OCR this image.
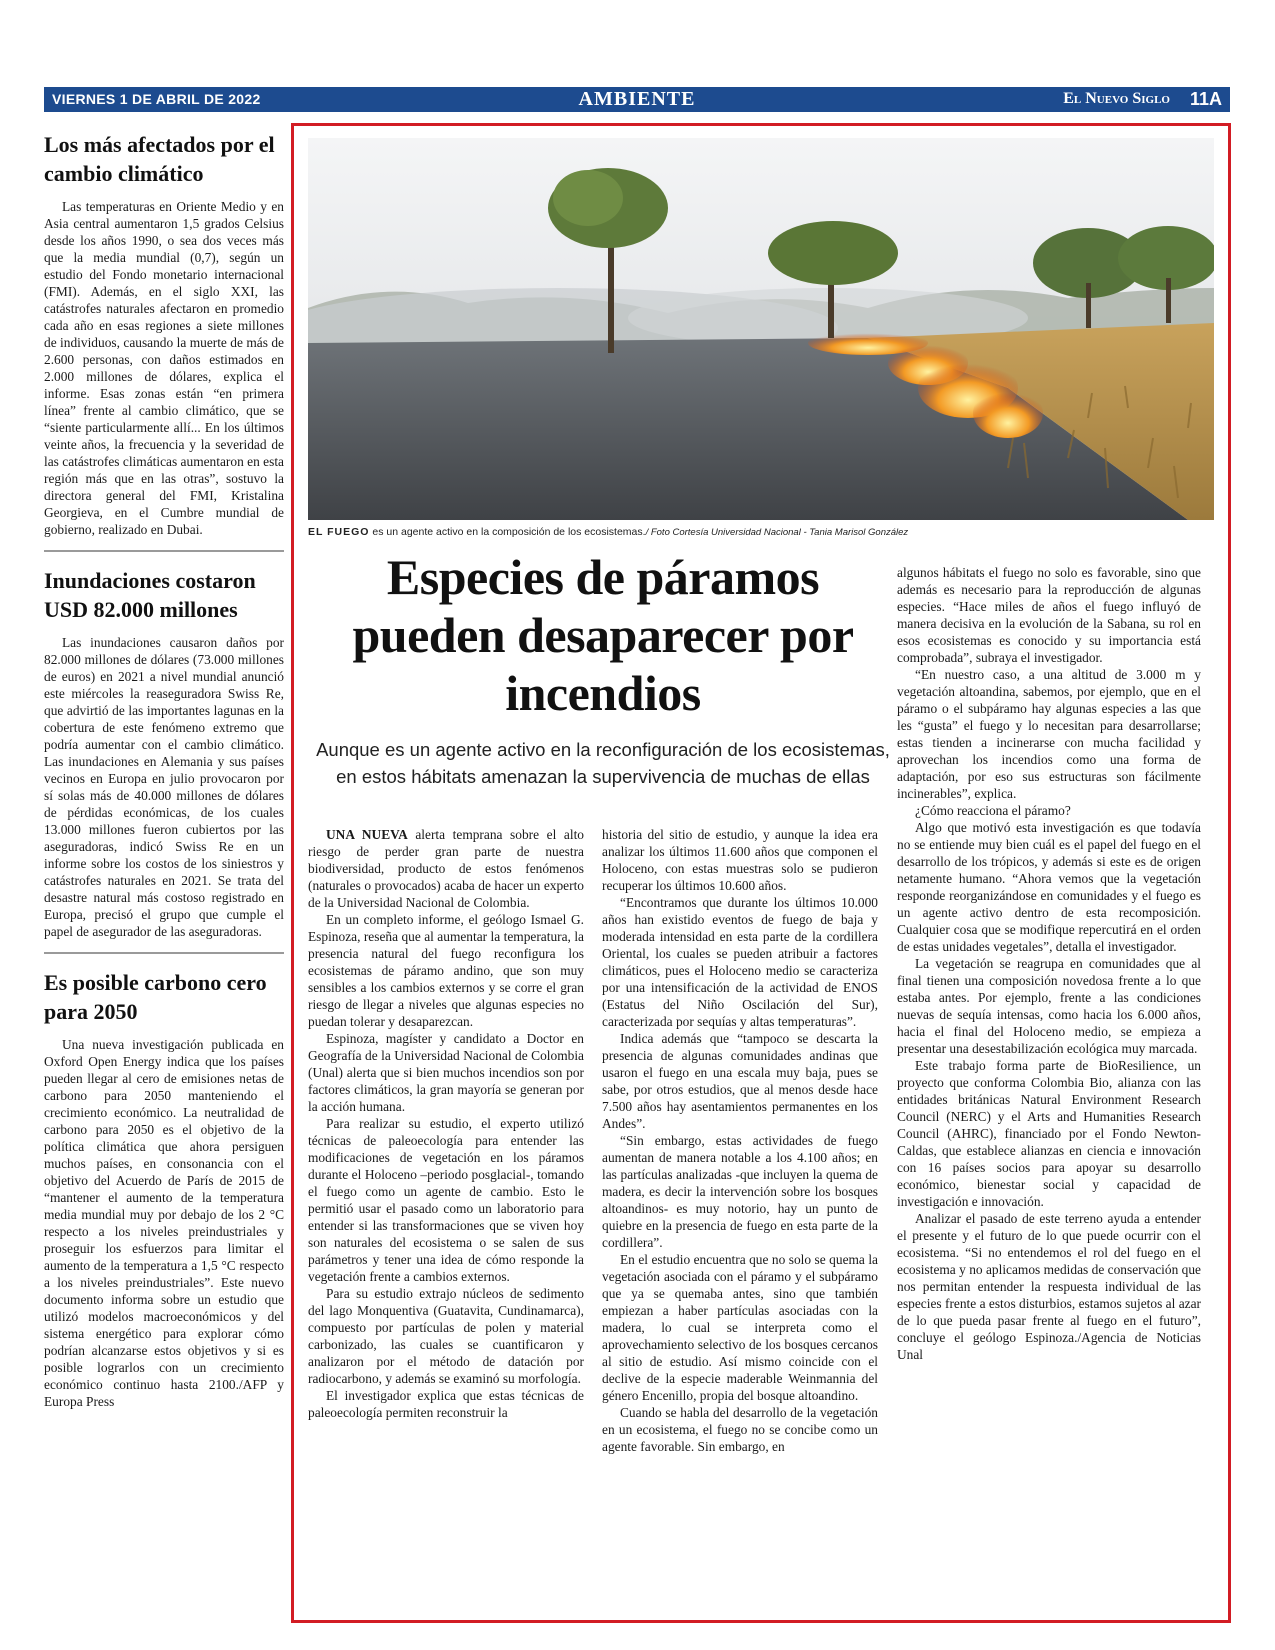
VIERNES 1 DE ABRIL DE 2022	AMBIENTE	El Nuevo Siglo 11A
Los más afectados por el cambio climático

Las temperaturas en Oriente Medio y en Asia central aumentaron 1,5 grados Celsius desde los años 1990, o sea dos veces más que la media mundial (0,7), según un estudio del Fondo monetario internacional (FMI). Además, en el siglo XXI, las catástrofes naturales afectaron en promedio cada año en esas regiones a siete millones de individuos, causando la muerte de más de 2.600 personas, con daños estimados en 2.000 millones de dólares, explica el informe. Esas zonas están “en primera línea” frente al cambio climático, que se “siente particularmente allí... En los últimos veinte años, la frecuencia y la severidad de las catástrofes climáticas aumentaron en esta región más que en las otras”, sostuvo la directora general del FMI, Kristalina Georgieva, en el Cumbre mundial de gobierno, realizado en Dubai.

Inundaciones costaron USD 82.000 millones

Las inundaciones causaron daños por 82.000 millones de dólares (73.000 millones de euros) en 2021 a nivel mundial anunció este miércoles la reaseguradora Swiss Re, que advirtió de las importantes lagunas en la cobertura de este fenómeno extremo que podría aumentar con el cambio climático. Las inundaciones en Alemania y sus países vecinos en Europa en julio provocaron por sí solas más de 40.000 millones de dólares de pérdidas económicas, de los cuales 13.000 millones fueron cubiertos por las aseguradoras, indicó Swiss Re en un informe sobre los costos de los siniestros y catástrofes naturales en 2021. Se trata del desastre natural más costoso registrado en Europa, precisó el grupo que cumple el papel de asegurador de las aseguradoras.

Es posible carbono cero para 2050

Una nueva investigación publicada en Oxford Open Energy indica que los países pueden llegar al cero de emisiones netas de carbono para 2050 manteniendo el crecimiento económico. La neutralidad de carbono para 2050 es el objetivo de la política climática que ahora persiguen muchos países, en consonancia con el objetivo del Acuerdo de París de 2015 de “mantener el aumento de la temperatura media mundial muy por debajo de los 2 °C respecto a los niveles preindustriales y proseguir los esfuerzos para limitar el aumento de la temperatura a 1,5 °C respecto a los niveles preindustriales”. Este nuevo documento informa sobre un estudio que utilizó modelos macroeconómicos y del sistema energético para explorar cómo podrían alcanzarse estos objetivos y si es posible lograrlos con un crecimiento económico continuo hasta 2100./AFP y Europa Press

EL FUEGO es un agente activo en la composición de los ecosistemas./ Foto Cortesía Universidad Nacional - Tania Marisol González
Especies de páramos pueden desaparecer por incendios

Aunque es un agente activo en la reconfiguración de los ecosistemas, en estos hábitats amenazan la supervivencia de muchas de ellas

UNA NUEVA alerta temprana sobre el alto riesgo de perder gran parte de nuestra biodiversidad, producto de estos fenómenos (naturales o provocados) acaba de hacer un experto de la Universidad Nacional de Colombia.

En un completo informe, el geólogo Ismael G. Espinoza, reseña que al aumentar la temperatura, la presencia natural del fuego reconfigura los ecosistemas de páramo andino, que son muy sensibles a los cambios externos y se corre el gran riesgo de llegar a niveles que algunas especies no puedan tolerar y desaparezcan.

Espinoza, magíster y candidato a Doctor en Geografía de la Universidad Nacional de Colombia (Unal) alerta que si bien muchos incendios son por factores climáticos, la gran mayoría se generan por la acción humana.

Para realizar su estudio, el experto utilizó técnicas de paleoecología para entender las modificaciones de vegetación en los páramos durante el Holoceno –periodo posglacial-, tomando el fuego como un agente de cambio. Esto le permitió usar el pasado como un laboratorio para entender si las transformaciones que se viven hoy son naturales del ecosistema o se salen de sus parámetros y tener una idea de cómo responde la vegetación frente a cambios externos.

Para su estudio extrajo núcleos de sedimento del lago Monquentiva (Guatavita, Cundinamarca), compuesto por partículas de polen y material carbonizado, las cuales se cuantificaron y analizaron por el método de datación por radiocarbono, y además se examinó su morfología.

El investigador explica que estas técnicas de paleoecología permiten reconstruir la

historia del sitio de estudio, y aunque la idea era analizar los últimos 11.600 años que componen el Holoceno, con estas muestras solo se pudieron recuperar los últimos 10.600 años.

“Encontramos que durante los últimos 10.000 años han existido eventos de fuego de baja y moderada intensidad en esta parte de la cordillera Oriental, los cuales se pueden atribuir a factores climáticos, pues el Holoceno medio se caracteriza por una intensificación de la actividad de ENOS (Estatus del Niño Oscilación del Sur), caracterizada por sequías y altas temperaturas”.

Indica además que “tampoco se descarta la presencia de algunas comunidades andinas que usaron el fuego en una escala muy baja, pues se sabe, por otros estudios, que al menos desde hace 7.500 años hay asentamientos permanentes en los Andes”.

“Sin embargo, estas actividades de fuego aumentan de manera notable a los 4.100 años; en las partículas analizadas -que incluyen la quema de madera, es decir la intervención sobre los bosques altoandinos- es muy notorio, hay un punto de quiebre en la presencia de fuego en esta parte de la cordillera”.

En el estudio encuentra que no solo se quema la vegetación asociada con el páramo y el subpáramo que ya se quemaba antes, sino que también empiezan a haber partículas asociadas con la madera, lo cual se interpreta como el aprovechamiento selectivo de los bosques cercanos al sitio de estudio. Así mismo coincide con el declive de la especie maderable Weinmannia del género Encenillo, propia del bosque altoandino.

Cuando se habla del desarrollo de la vegetación en un ecosistema, el fuego no se concibe como un agente favorable. Sin embargo, en

algunos hábitats el fuego no solo es favorable, sino que además es necesario para la reproducción de algunas especies. “Hace miles de años el fuego influyó de manera decisiva en la evolución de la Sabana, su rol en esos ecosistemas es conocido y su importancia está comprobada”, subraya el investigador.

“En nuestro caso, a una altitud de 3.000 m y vegetación altoandina, sabemos, por ejemplo, que en el páramo o el subpáramo hay algunas especies a las que les “gusta” el fuego y lo necesitan para desarrollarse; estas tienden a incinerarse con mucha facilidad y aprovechan los incendios como una forma de adaptación, por eso sus estructuras son fácilmente incinerables”, explica.

¿Cómo reacciona el páramo?

Algo que motivó esta investigación es que todavía no se entiende muy bien cuál es el papel del fuego en el desarrollo de los trópicos, y además si este es de origen netamente humano. “Ahora vemos que la vegetación responde reorganizándose en comunidades y el fuego es un agente activo dentro de esta recomposición. Cualquier cosa que se modifique repercutirá en el orden de estas unidades vegetales”, detalla el investigador.

La vegetación se reagrupa en comunidades que al final tienen una composición novedosa frente a lo que estaba antes. Por ejemplo, frente a las condiciones nuevas de sequía intensas, como hacia los 6.000 años, hacia el final del Holoceno medio, se empieza a presentar una desestabilización ecológica muy marcada.

Este trabajo forma parte de BioResilience, un proyecto que conforma Colombia Bio, alianza con las entidades británicas Natural Environment Research Council (NERC) y el Arts and Humanities Research Council (AHRC), financiado por el Fondo Newton-Caldas, que establece alianzas en ciencia e innovación con 16 países socios para apoyar su desarrollo económico, bienestar social y capacidad de investigación e innovación.

Analizar el pasado de este terreno ayuda a entender el presente y el futuro de lo que puede ocurrir con el ecosistema. “Si no entendemos el rol del fuego en el ecosistema y no aplicamos medidas de conservación que nos permitan entender la respuesta individual de las especies frente a estos disturbios, estamos sujetos al azar de lo que pueda pasar frente al fuego en el futuro”, concluye el geólogo Espinoza./Agencia de Noticias Unal
